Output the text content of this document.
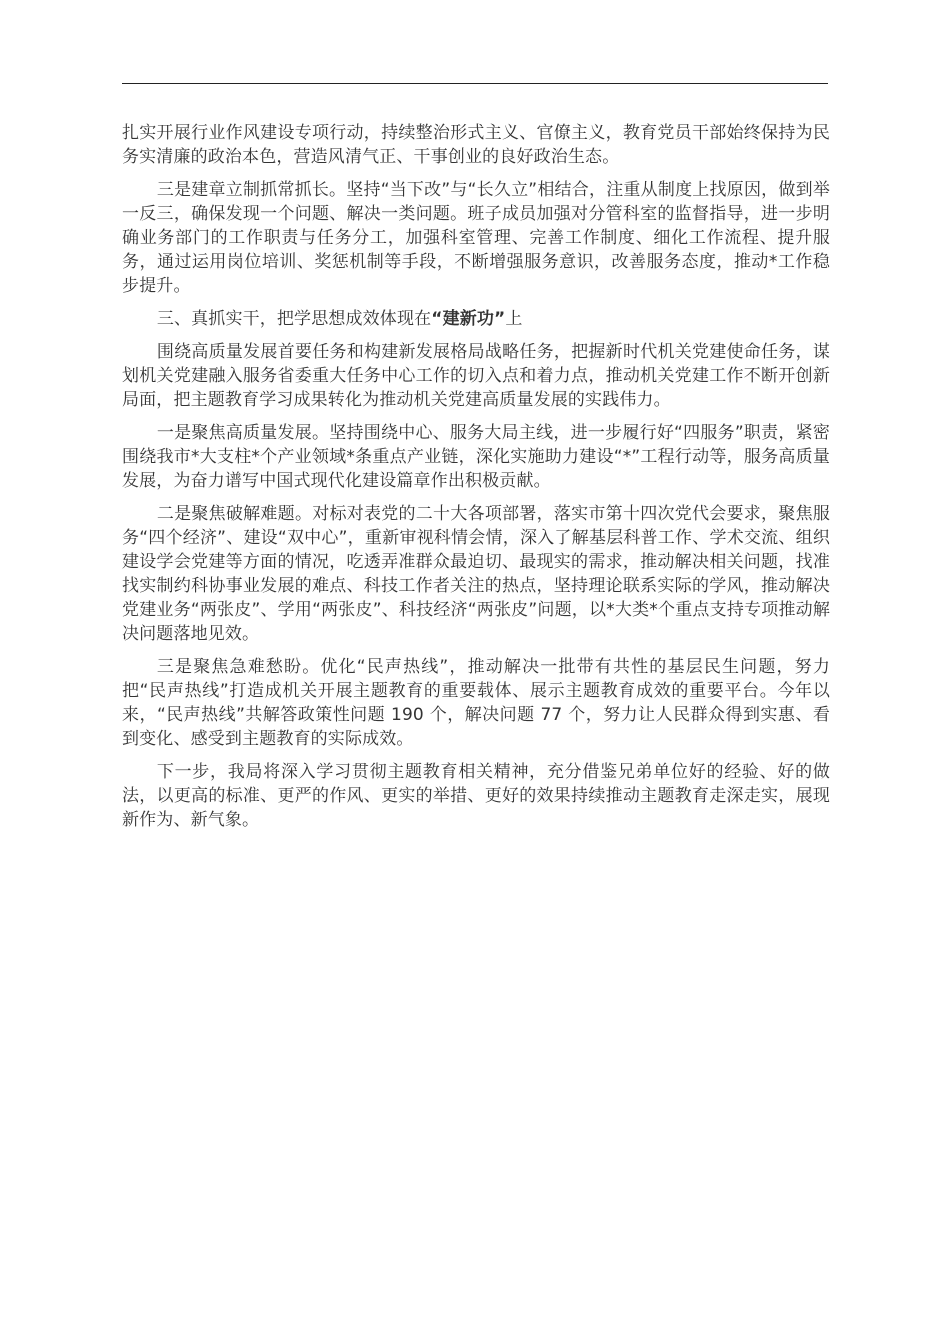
扎实开展行业作风建设专项行动，持续整治形式主义、官僚主义，教育党员干部始终保持为民务实清廉的政治本色，营造风清气正、干事创业的良好政治生态。

三是建章立制抓常抓长。坚持“当下改”与“长久立”相结合，注重从制度上找原因，做到举一反三，确保发现一个问题、解决一类问题。班子成员加强对分管科室的监督指导，进一步明确业务部门的工作职责与任务分工，加强科室管理、完善工作制度、细化工作流程、提升服务，通过运用岗位培训、奖惩机制等手段，不断增强服务意识，改善服务态度，推动*工作稳步提升。

三、真抓实干，把学思想成效体现在“建新功”上

围绕高质量发展首要任务和构建新发展格局战略任务，把握新时代机关党建使命任务，谋划机关党建融入服务省委重大任务中心工作的切入点和着力点，推动机关党建工作不断开创新局面，把主题教育学习成果转化为推动机关党建高质量发展的实践伟力。

一是聚焦高质量发展。坚持围绕中心、服务大局主线，进一步履行好“四服务”职责，紧密围绕我市*大支柱*个产业领域*条重点产业链，深化实施助力建设“*”工程行动等，服务高质量发展，为奋力谱写中国式现代化建设篇章作出积极贡献。

二是聚焦破解难题。对标对表党的二十大各项部署，落实市第十四次党代会要求，聚焦服务“四个经济”、建设“双中心”，重新审视科情会情，深入了解基层科普工作、学术交流、组织建设学会党建等方面的情况，吃透弄准群众最迫切、最现实的需求，推动解决相关问题，找准找实制约科协事业发展的难点、科技工作者关注的热点，坚持理论联系实际的学风，推动解决党建业务“两张皮”、学用“两张皮”、科技经济“两张皮”问题，以*大类*个重点支持专项推动解决问题落地见效。

三是聚焦急难愁盼。优化“民声热线”，推动解决一批带有共性的基层民生问题，努力把“民声热线”打造成机关开展主题教育的重要载体、展示主题教育成效的重要平台。今年以来，“民声热线”共解答政策性问题 190 个，解决问题 77 个，努力让人民群众得到实惠、看到变化、感受到主题教育的实际成效。

下一步，我局将深入学习贯彻主题教育相关精神，充分借鉴兄弟单位好的经验、好的做法，以更高的标准、更严的作风、更实的举措、更好的效果持续推动主题教育走深走实，展现新作为、新气象。
